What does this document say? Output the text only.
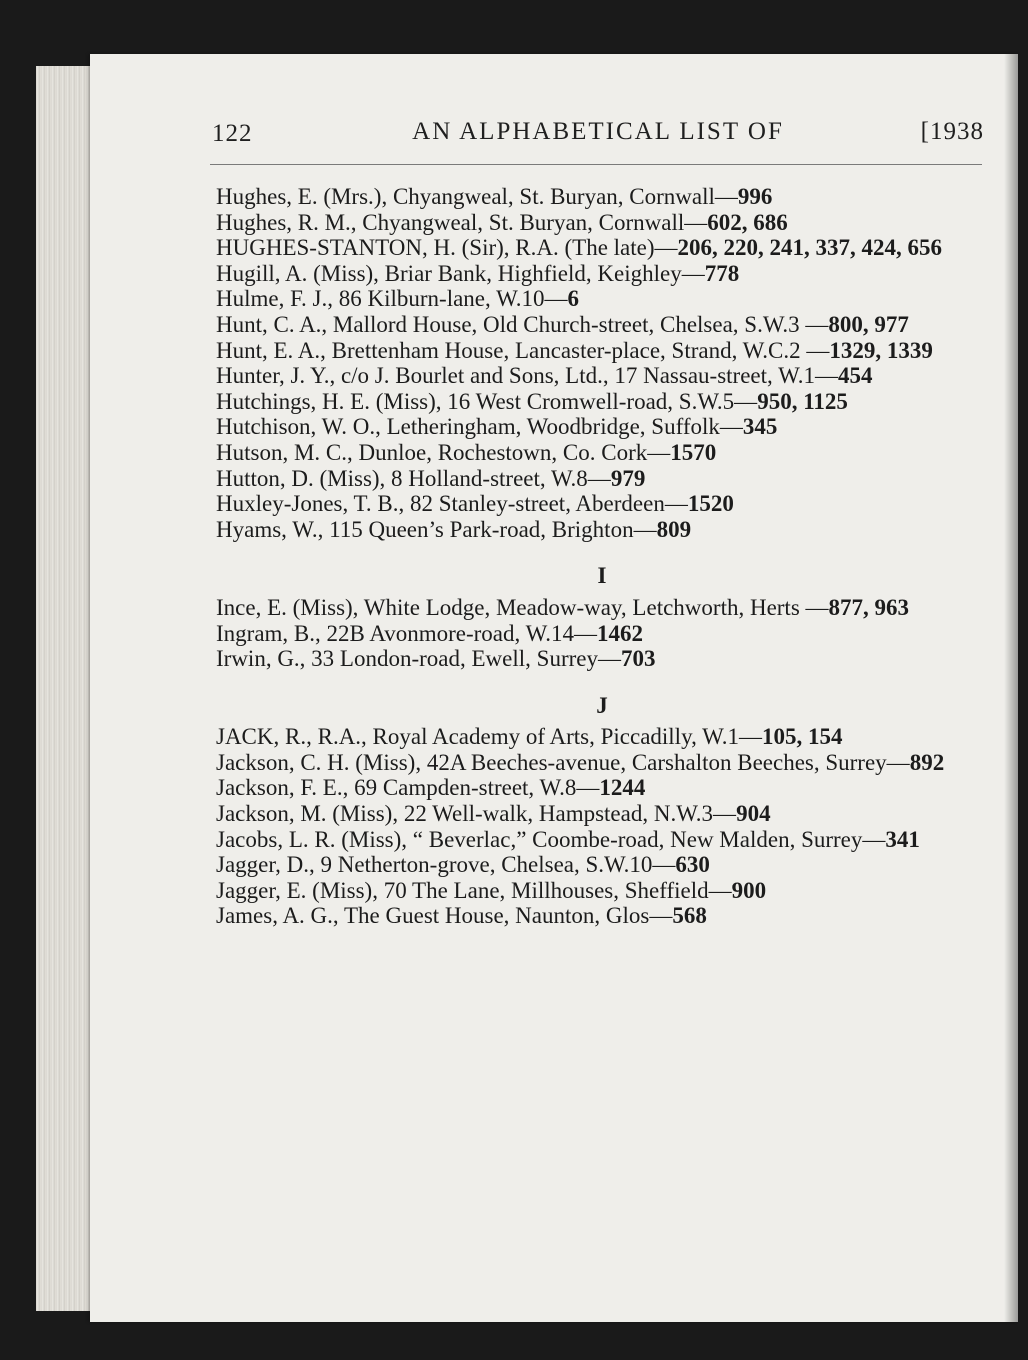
122	AN ALPHABETICAL LIST OF	[1938
Hughes, E. (Mrs.), Chyangweal, St. Buryan, Cornwall—996
Hughes, R. M., Chyangweal, St. Buryan, Cornwall—602, 686
HUGHES-STANTON, H. (Sir), R.A. (The late)—206, 220, 241, 337, 424, 656
Hugill, A. (Miss), Briar Bank, Highfield, Keighley—778
Hulme, F. J., 86 Kilburn-lane, W.10—6
Hunt, C. A., Mallord House, Old Church-street, Chelsea, S.W.3 —800, 977
Hunt, E. A., Brettenham House, Lancaster-place, Strand, W.C.2 —1329, 1339
Hunter, J. Y., c/o J. Bourlet and Sons, Ltd., 17 Nassau-street, W.1—454
Hutchings, H. E. (Miss), 16 West Cromwell-road, S.W.5—950, 1125
Hutchison, W. O., Letheringham, Woodbridge, Suffolk—345
Hutson, M. C., Dunloe, Rochestown, Co. Cork—1570
Hutton, D. (Miss), 8 Holland-street, W.8—979
Huxley-Jones, T. B., 82 Stanley-street, Aberdeen—1520
Hyams, W., 115 Queen’s Park-road, Brighton—809
I
Ince, E. (Miss), White Lodge, Meadow-way, Letchworth, Herts —877, 963
Ingram, B., 22B Avonmore-road, W.14—1462
Irwin, G., 33 London-road, Ewell, Surrey—703
J
JACK, R., R.A., Royal Academy of Arts, Piccadilly, W.1—105, 154
Jackson, C. H. (Miss), 42A Beeches-avenue, Carshalton Beeches, Surrey—892
Jackson, F. E., 69 Campden-street, W.8—1244
Jackson, M. (Miss), 22 Well-walk, Hampstead, N.W.3—904
Jacobs, L. R. (Miss), “ Beverlac,” Coombe-road, New Malden, Surrey—341
Jagger, D., 9 Netherton-grove, Chelsea, S.W.10—630
Jagger, E. (Miss), 70 The Lane, Millhouses, Sheffield—900
James, A. G., The Guest House, Naunton, Glos—568
